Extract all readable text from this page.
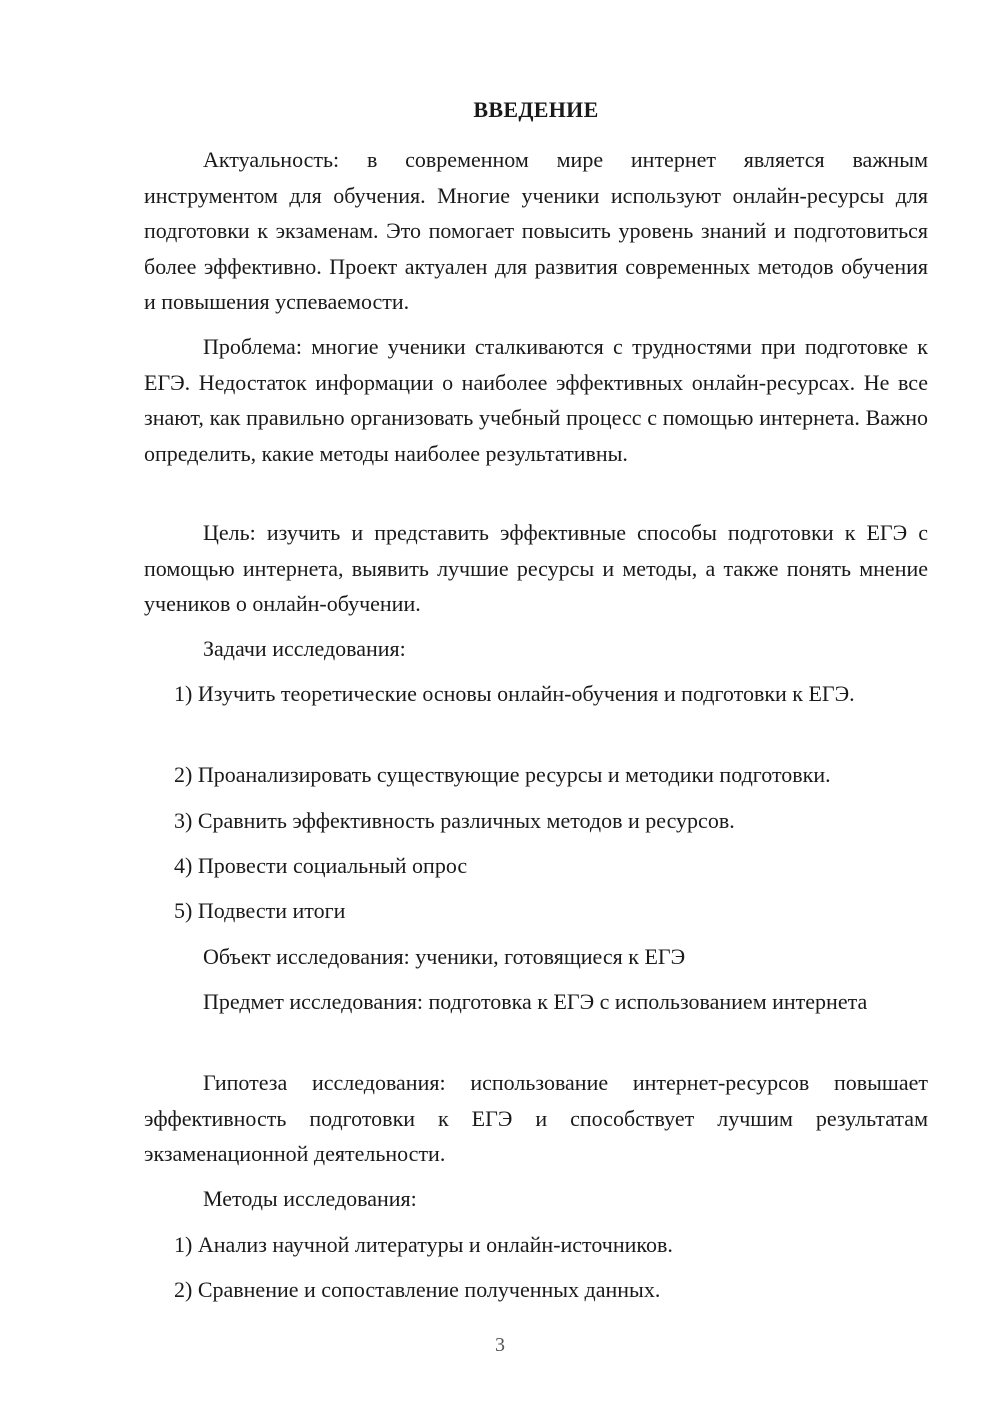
ВВЕДЕНИЕ

Актуальность: в современном мире интернет является важным инструментом для обучения. Многие ученики используют онлайн-ресурсы для подготовки к экзаменам. Это помогает повысить уровень знаний и подготовиться более эффективно. Проект актуален для развития современных методов обучения и повышения успеваемости.

Проблема: многие ученики сталкиваются с трудностями при подготовке к ЕГЭ. Недостаток информации о наиболее эффективных онлайн-ресурсах. Не все знают, как правильно организовать учебный процесс с помощью интернета. Важно определить, какие методы наиболее результативны.

Цель: изучить и представить эффективные способы подготовки к ЕГЭ с помощью интернета, выявить лучшие ресурсы и методы, а также понять мнение учеников о онлайн-обучении.

Задачи исследования:

1) Изучить теоретические основы онлайн-обучения и подготовки к ЕГЭ.

2) Проанализировать существующие ресурсы и методики подготовки.

3) Сравнить эффективность различных методов и ресурсов.

4) Провести социальный опрос

5) Подвести итоги

Объект исследования: ученики, готовящиеся к ЕГЭ

Предмет исследования: подготовка к ЕГЭ с использованием интернета

Гипотеза исследования: использование интернет-ресурсов повышает эффективность подготовки к ЕГЭ и способствует лучшим результатам экзаменационной деятельности.

Методы исследования:

1) Анализ научной литературы и онлайн-источников.

2) Сравнение и сопоставление полученных данных.

3
